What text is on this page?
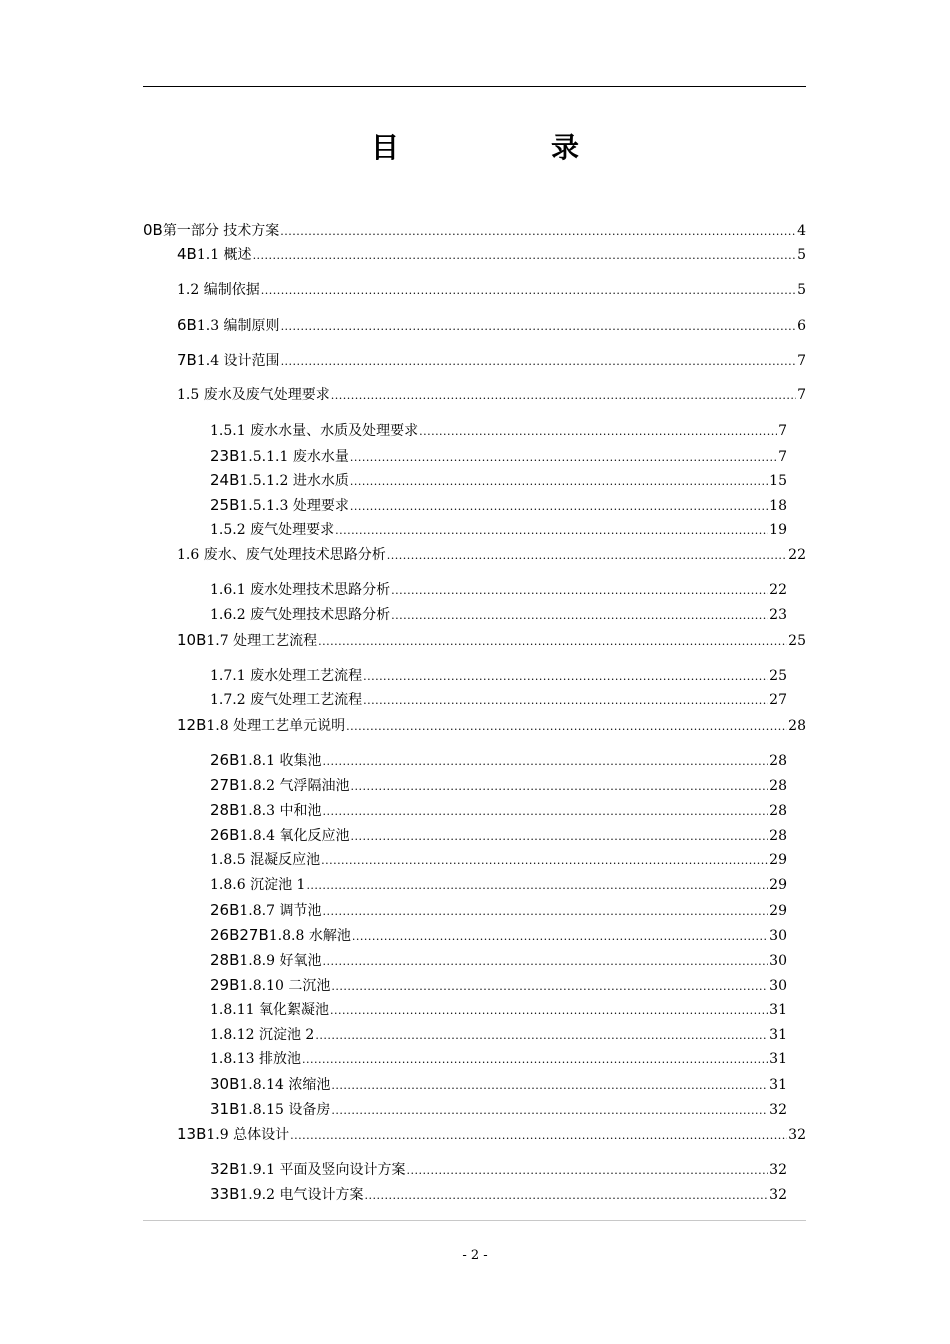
目　录
0B 第一部分 技术方案 .....	4
4B 1.1 概述 .....	5
1.2 编制依据 .....	5
6B 1.3 编制原则 .....	6
7B 1.4 设计范围 .....	7
1.5 废水及废气处理要求 .....	7
1.5.1 废水水量、水质及处理要求 .....	7
23B 1.5.1.1 废水水量 .....	7
24B 1.5.1.2 进水水质 .....	15
25B 1.5.1.3 处理要求 .....	18
1.5.2 废气处理要求 .....	19
1.6 废水、废气处理技术思路分析 .....	22
1.6.1 废水处理技术思路分析 .....	22
1.6.2 废气处理技术思路分析 .....	23
10B 1.7 处理工艺流程 .....	25
1.7.1 废水处理工艺流程 .....	25
1.7.2 废气处理工艺流程 .....	27
12B 1.8 处理工艺单元说明 .....	28
26B 1.8.1 收集池 .....	28
27B 1.8.2 气浮隔油池 .....	28
28B 1.8.3 中和池 .....	28
26B 1.8.4 氧化反应池 .....	28
1.8.5 混凝反应池 .....	29
1.8.6 沉淀池 1 .....	29
26B 1.8.7 调节池 .....	29
26B27B 1.8.8 水解池 .....	30
28B 1.8.9 好氧池 .....	30
29B 1.8.10 二沉池 .....	30
1.8.11 氧化絮凝池 .....	31
1.8.12 沉淀池 2 .....	31
1.8.13 排放池 .....	31
30B 1.8.14 浓缩池 .....	31
31B 1.8.15 设备房 .....	32
13B 1.9 总体设计 .....	32
32B 1.9.1 平面及竖向设计方案 .....	32
33B 1.9.2 电气设计方案 .....	32
- 2 -
